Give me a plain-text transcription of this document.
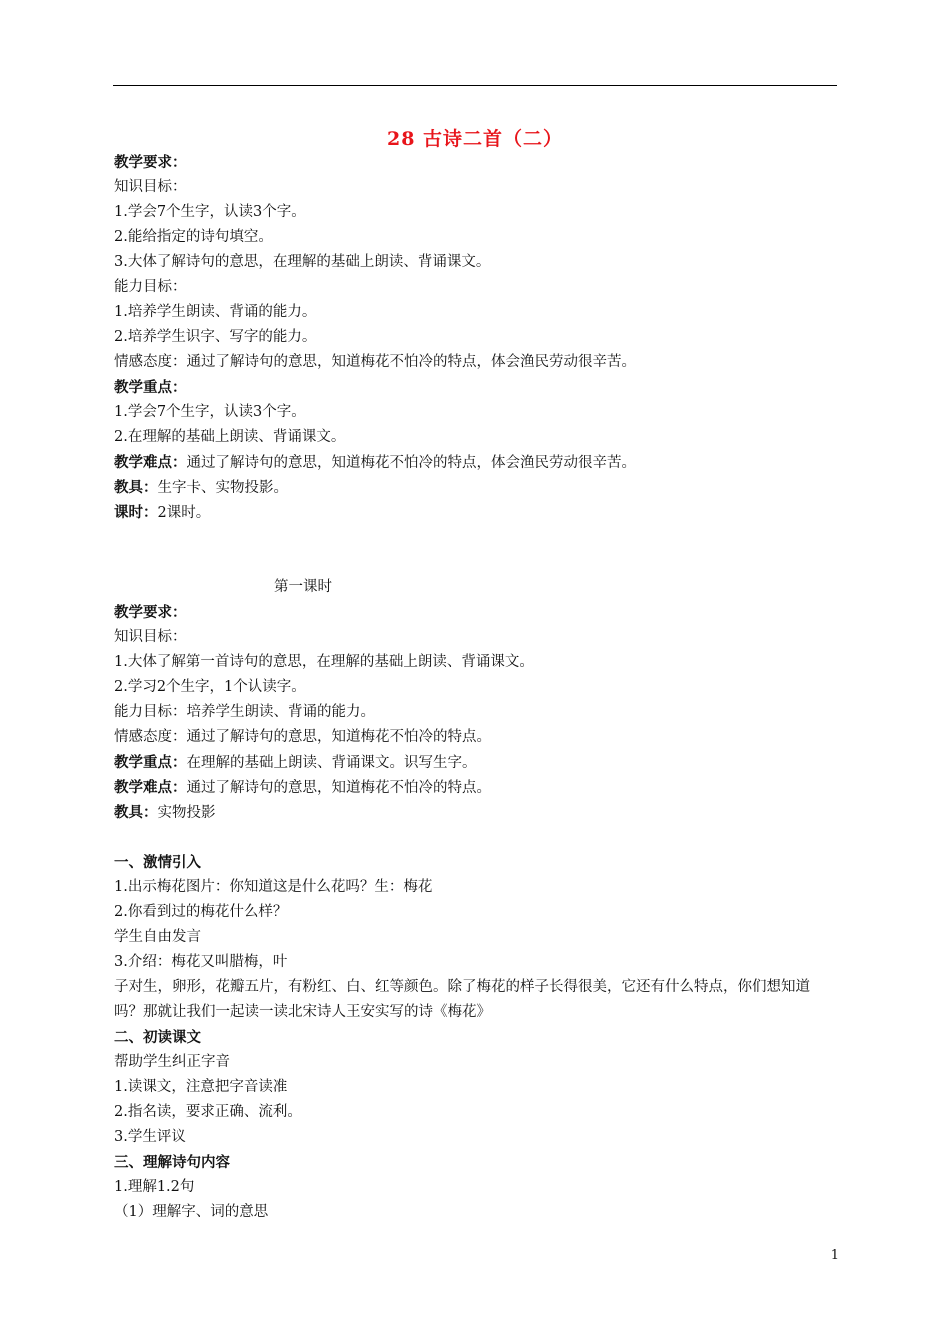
28 古诗二首（二）
教学要求：
知识目标：
1.学会7个生字，认读3个字。
2.能给指定的诗句填空。
3.大体了解诗句的意思，在理解的基础上朗读、背诵课文。
能力目标：
1.培养学生朗读、背诵的能力。
2.培养学生识字、写字的能力。
情感态度：通过了解诗句的意思，知道梅花不怕冷的特点，体会渔民劳动很辛苦。
教学重点：
1.学会7个生字，认读3个字。
2.在理解的基础上朗读、背诵课文。
教学难点：通过了解诗句的意思，知道梅花不怕冷的特点，体会渔民劳动很辛苦。
教具：生字卡、实物投影。
课时：2课时。
第一课时
教学要求：
知识目标：
1.大体了解第一首诗句的意思，在理解的基础上朗读、背诵课文。
2.学习2个生字，1个认读字。
能力目标：培养学生朗读、背诵的能力。
情感态度：通过了解诗句的意思，知道梅花不怕冷的特点。
教学重点：在理解的基础上朗读、背诵课文。识写生字。
教学难点：通过了解诗句的意思，知道梅花不怕冷的特点。
教具：实物投影
一、激情引入
1.出示梅花图片：你知道这是什么花吗？生：梅花
2.你看到过的梅花什么样？
学生自由发言
3.介绍：梅花又叫腊梅，叶
子对生，卵形，花瓣五片，有粉红、白、红等颜色。除了梅花的样子长得很美，它还有什么特点，你们想知道吗？那就让我们一起读一读北宋诗人王安实写的诗《梅花》
二、初读课文
帮助学生纠正字音
1.读课文，注意把字音读准
2.指名读，要求正确、流利。
3.学生评议
三、理解诗句内容
1.理解1.2句
（1）理解字、词的意思
1
